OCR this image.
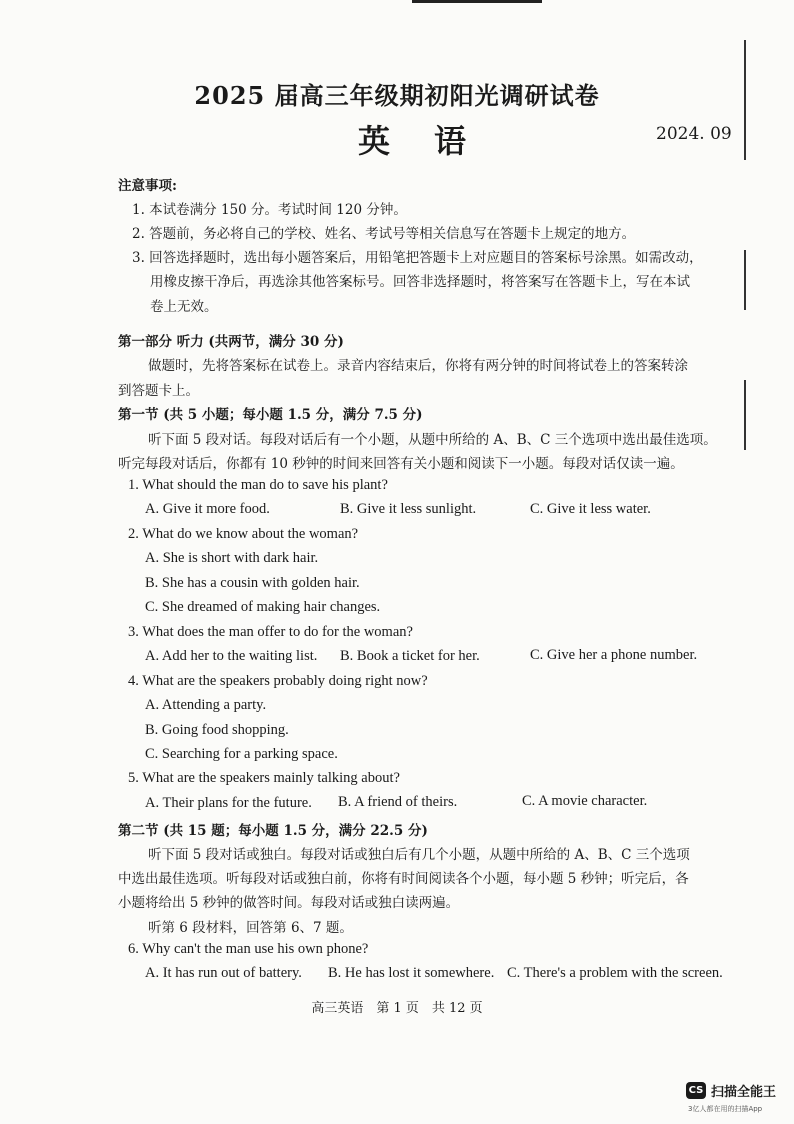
2025 届高三年级期初阳光调研试卷
英语	2024. 09
注意事项:
1. 本试卷满分 150 分。考试时间 120 分钟。
2. 答题前，务必将自己的学校、姓名、考试号等相关信息写在答题卡上规定的地方。
3. 回答选择题时，选出每小题答案后，用铅笔把答题卡上对应题目的答案标号涂黑。如需改动，
用橡皮擦干净后，再选涂其他答案标号。回答非选择题时，将答案写在答题卡上，写在本试
卷上无效。
第一部分 听力 (共两节，满分 30 分)
做题时，先将答案标在试卷上。录音内容结束后，你将有两分钟的时间将试卷上的答案转涂
到答题卡上。
第一节 (共 5 小题；每小题 1.5 分，满分 7.5 分)
听下面 5 段对话。每段对话后有一个小题，从题中所给的 A、B、C 三个选项中选出最佳选项。
听完每段对话后，你都有 10 秒钟的时间来回答有关小题和阅读下一小题。每段对话仅读一遍。
1. What should the man do to save his plant?
A. Give it more food.	B. Give it less sunlight.	C. Give it less water.
2. What do we know about the woman?
A. She is short with dark hair.
B. She has a cousin with golden hair.
C. She dreamed of making hair changes.
3. What does the man offer to do for the woman?
A. Add her to the waiting list. B. Book a ticket for her.	C. Give her a phone number.
4. What are the speakers probably doing right now?
A. Attending a party.
B. Going food shopping.
C. Searching for a parking space.
5. What are the speakers mainly talking about?
A. Their plans for the future. B. A friend of theirs.	C. A movie character.
第二节 (共 15 题；每小题 1.5 分，满分 22.5 分)
听下面 5 段对话或独白。每段对话或独白后有几个小题，从题中所给的 A、B、C 三个选项
中选出最佳选项。听每段对话或独白前，你将有时间阅读各个小题，每小题 5 秒钟；听完后，各
小题将给出 5 秒钟的做答时间。每段对话或独白读两遍。
听第 6 段材料，回答第 6、7 题。
6. Why can't the man use his own phone?
A. It has run out of battery. B. He has lost it somewhere. C. There's a problem with the screen.
高三英语　第 1 页　共 12 页
CS 扫描全能王
3亿人都在用的扫描App
